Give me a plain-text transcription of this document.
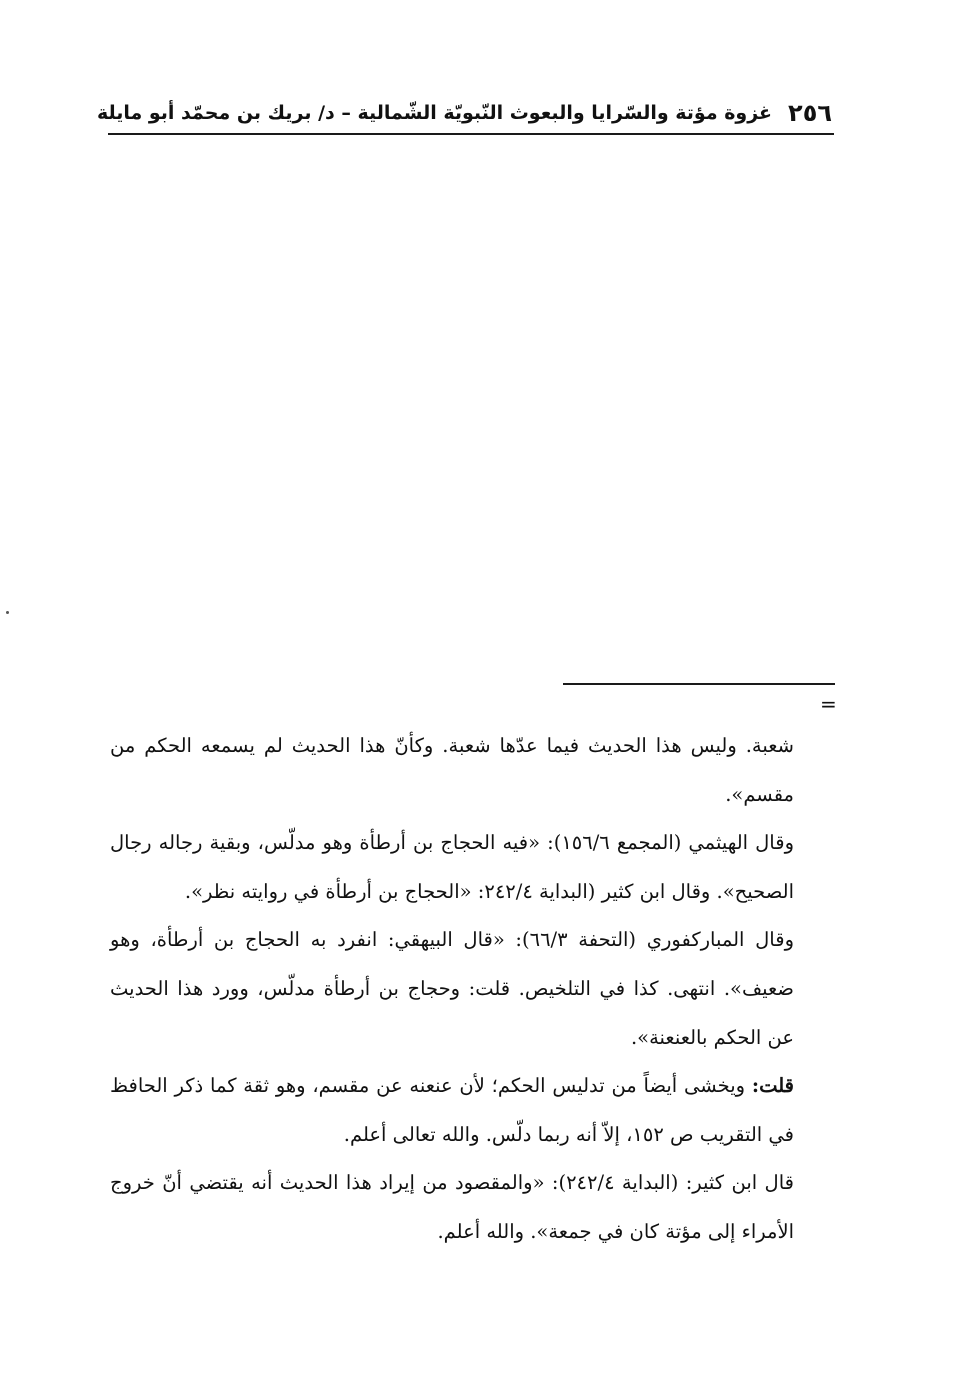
٢٥٦
غزوة مؤتة والسّرايا والبعوث النّبويّة الشّمالية – د/ بريك بن محمّد أبو مايلة
=

شعبة. وليس هذا الحديث فيما عدّها شعبة. وكأنّ هذا الحديث لم يسمعه الحكم من مقسم».

وقال الهيثمي (المجمع ١٥٦/٦): «فيه الحجاج بن أرطأة وهو مدلّس، وبقية رجاله رجال الصحيح». وقال ابن كثير (البداية ٢٤٢/٤: «الحجاج بن أرطأة في روايته نظر».

وقال المباركفوري (التحفة ٦٦/٣): «قال البيهقي: انفرد به الحجاج بن أرطأة، وهو ضعيف». انتهى. كذا في التلخيص. قلت: وحجاج بن أرطأة مدلّس، وورد هذا الحديث عن الحكم بالعنعنة».

قلت: ويخشى أيضاً من تدليس الحكم؛ لأن عنعنه عن مقسم، وهو ثقة كما ذكر الحافظ في التقريب ص ١٥٢، إلاّ أنه ربما دلّس. والله تعالى أعلم.

قال ابن كثير: (البداية ٢٤٢/٤): «والمقصود من إيراد هذا الحديث أنه يقتضي أنّ خروج الأمراء إلى مؤتة كان في جمعة». والله أعلم.
